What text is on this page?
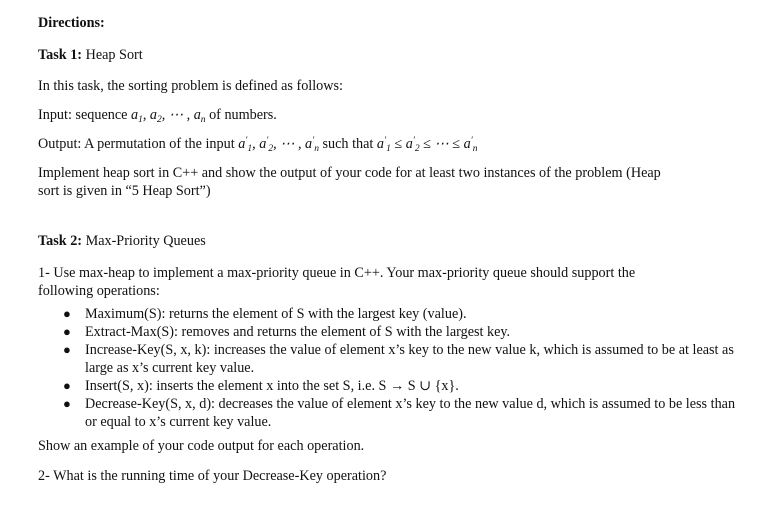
Directions:

Task 1: Heap Sort

In this task, the sorting problem is defined as follows:

Input: sequence $a_1$, $a_2$, ⋯ , $a_n$ of numbers.

Output: A permutation of the input $a'_1$, $a'_2$, ⋯ , $a'_n$ such that $a'_1 \le a'_2$ ≤ ⋯ ≤ $a'_n$

Implement heap sort in C++ and show the output of your code for at least two instances of the problem (Heap
sort is given in “5 Heap Sort”)

Task 2: Max-Priority Queues

1- Use max-heap to implement a max-priority queue in C++. Your max-priority queue should support the
following operations:

● Maximum(S): returns the element of S with the largest key (value).
● Extract-Max(S): removes and returns the element of S with the largest key.
● Increase-Key(S, x, k): increases the value of element x’s key to the new value k, which is assumed to be at least as large as x’s current key value.
● Insert(S, x): inserts the element x into the set S, i.e. S → S ∪ {x}.
● Decrease-Key(S, x, d): decreases the value of element x’s key to the new value d, which is assumed to be less than or equal to x’s current key value.

Show an example of your code output for each operation.

2- What is the running time of your Decrease-Key operation?
